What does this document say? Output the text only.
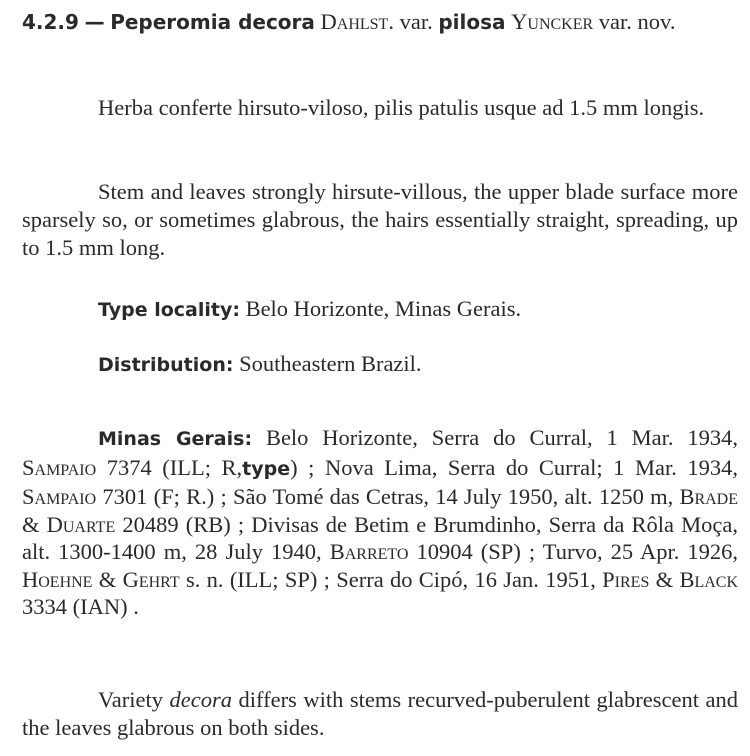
4.2.9 — Peperomia decora Dahlst. var. pilosa Yuncker var. nov.
Herba conferte hirsuto-viloso, pilis patulis usque ad 1.5 mm longis.
Stem and leaves strongly hirsute-villous, the upper blade surface more sparsely so, or sometimes glabrous, the hairs essentially straight, spreading, up to 1.5 mm long.
Type locality: Belo Horizonte, Minas Gerais.
Distribution: Southeastern Brazil.
Minas Gerais: Belo Horizonte, Serra do Curral, 1 Mar. 1934, Sampaio 7374 (ILL; R,type) ; Nova Lima, Serra do Curral; 1 Mar. 1934, Sampaio 7301 (F; R.) ; São Tomé das Cetras, 14 July 1950, alt. 1250 m, Brade & Duarte 20489 (RB) ; Divisas de Betim e Brumdinho, Serra da Rôla Moça, alt. 1300-1400 m, 28 July 1940, Barreto 10904 (SP) ; Turvo, 25 Apr. 1926, Hoehne & Gehrt s. n. (ILL; SP) ; Serra do Cipó, 16 Jan. 1951, Pires & Black 3334 (IAN) .
Variety decora differs with stems recurved-puberulent glabrescent and the leaves glabrous on both sides.
